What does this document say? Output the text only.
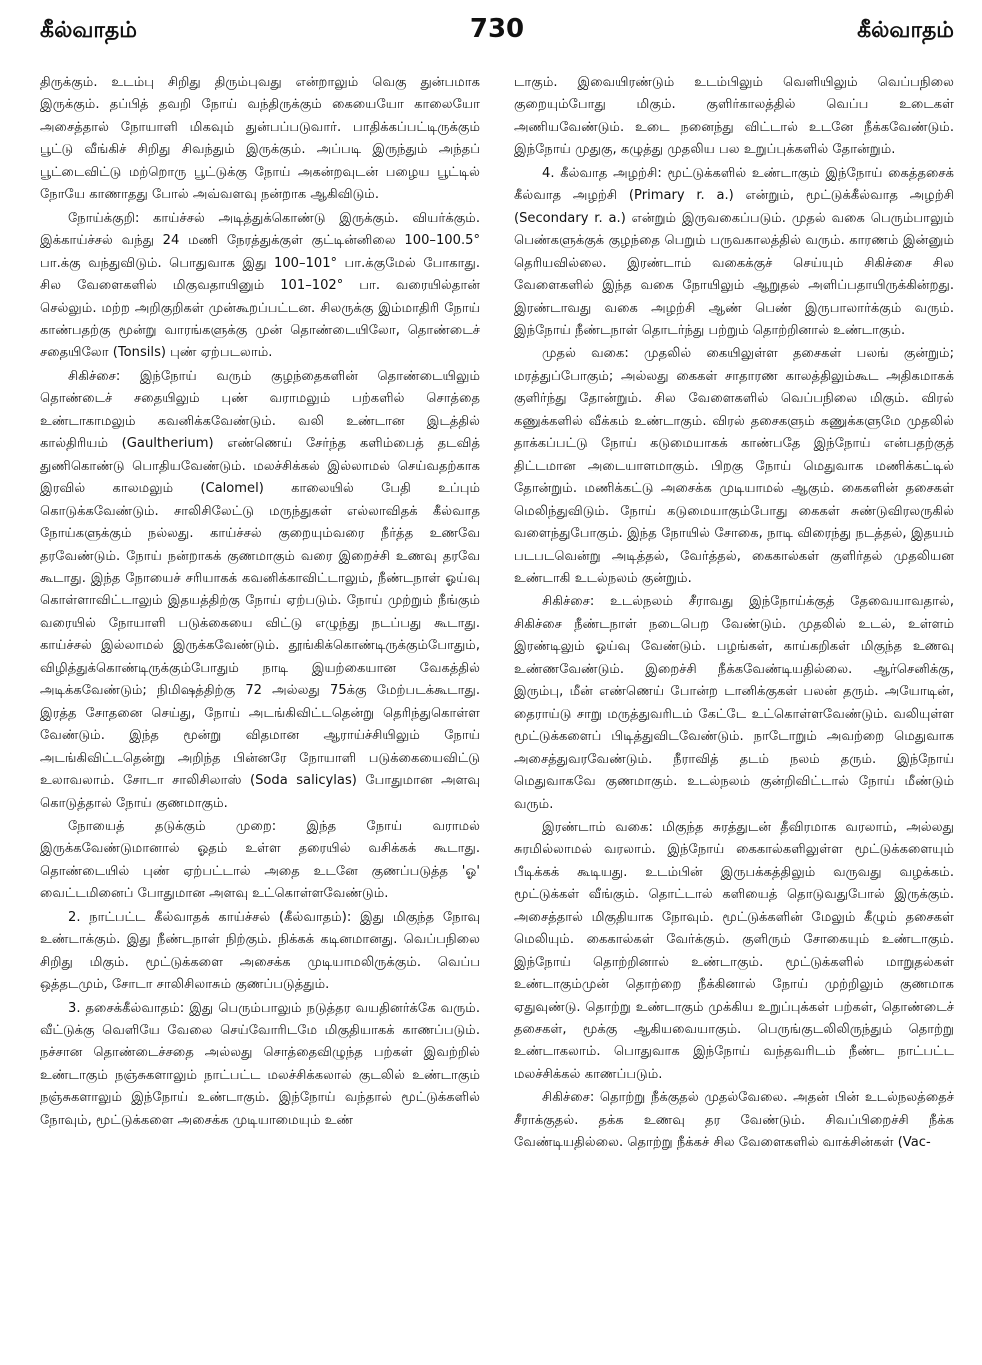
கீல்வாதம்	730	கீல்வாதம்

திருக்கும். உடம்பு சிறிது திரும்புவது என்றாலும் வெகு துன்பமாக இருக்கும். தப்பித் தவறி நோய் வந்திருக்கும் கையையோ காலையோ அசைத்தால் நோயாளி மிகவும் துன்பப்படுவார். பாதிக்கப்பட்டிருக்கும் பூட்டு வீங்கிச் சிறிது சிவந்தும் இருக்கும். அப்படி இருந்தும் அந்தப் பூட்டைவிட்டு மற்றொரு பூட்டுக்கு நோய் அகன்றவுடன் பழைய பூட்டில் நோயே காணாதது போல் அவ்வளவு நன்றாக ஆகிவிடும்.

நோய்க்குறி: காய்ச்சல் அடித்துக்கொண்டு இருக்கும். வியர்க்கும். இக்காய்ச்சல் வந்து 24 மணி நேரத்துக்குள் குட்டின்னிலை 100–100.5° பா.க்கு வந்துவிடும். பொதுவாக இது 100–101° பா.க்குமேல் போகாது. சில வேளைகளில் மிகுவதாயினும் 101–102° பா. வரையில்தான் செல்லும். மற்ற அறிகுறிகள் முன்கூறப்பட்டன. சிலருக்கு இம்மாதிரி நோய் காண்பதற்கு மூன்று வாரங்களுக்கு முன் தொண்டையிலோ, தொண்டைச் சதையிலோ (Tonsils) புண் ஏற்படலாம்.

சிகிச்சை: இந்நோய் வரும் குழந்தைகளின் தொண்டையிலும் தொண்டைச் சதையிலும் புண் வராமலும் பற்களில் சொத்தை உண்டாகாமலும் கவனிக்கவேண்டும். வலி உண்டான இடத்தில் கால்திரியம் (Gaultherium) எண்ணெய் சேர்ந்த களிம்பைத் தடவித் துணிகொண்டு பொதியவேண்டும். மலச்சிக்கல் இல்லாமல் செய்வதற்காக இரவில் காலமலும் (Calomel) காலையில் பேதி உப்பும் கொடுக்கவேண்டும். சாலிசிலேட்டு மருந்துகள் எல்லாவிதக் கீல்வாத நோய்களுக்கும் நல்லது. காய்ச்சல் குறையும்வரை நீர்த்த உணவே தரவேண்டும். நோய் நன்றாகக் குணமாகும் வரை இறைச்சி உணவு தரவே கூடாது. இந்த நோயைச் சரியாகக் கவனிக்காவிட்டாலும், நீண்டநாள் ஓய்வு கொள்ளாவிட்டாலும் இதயத்திற்கு நோய் ஏற்படும். நோய் முற்றும் நீங்கும் வரையில் நோயாளி படுக்கையை விட்டு எழுந்து நடப்பது கூடாது. காய்ச்சல் இல்லாமல் இருக்கவேண்டும். தூங்கிக்கொண்டிருக்கும்போதும், விழித்துக்கொண்டிருக்கும்போதும் நாடி இயற்கையான வேகத்தில் அடிக்கவேண்டும்; நிமிஷத்திற்கு 72 அல்லது 75க்கு மேற்படக்கூடாது. இரத்த சோதனை செய்து, நோய் அடங்கிவிட்டதென்று தெரிந்துகொள்ள வேண்டும். இந்த மூன்று விதமான ஆராய்ச்சியிலும் நோய் அடங்கிவிட்டதென்று அறிந்த பின்னரே நோயாளி படுக்கையைவிட்டு உலாவலாம். சோடா சாலிசிலாஸ் (Soda salicylas) போதுமான அளவு கொடுத்தால் நோய் குணமாகும்.

நோயைத் தடுக்கும் முறை: இந்த நோய் வராமல் இருக்கவேண்டுமானால் ஓதம் உள்ள தரையில் வசிக்கக் கூடாது. தொண்டையில் புண் ஏற்பட்டால் அதை உடனே குணப்படுத்த 'ஓ' வைட்டமினைப் போதுமான அளவு உட்கொள்ளவேண்டும்.

2. நாட்பட்ட கீல்வாதக் காய்ச்சல் (கீல்வாதம்): இது மிகுந்த நோவு உண்டாக்கும். இது நீண்டநாள் நிற்கும். நிக்கக் கடினமானது. வெப்பநிலை சிறிது மிகும். மூட்டுக்களை அசைக்க முடியாமலிருக்கும். வெப்ப ஒத்தடமும், சோடா சாலிசிலாசும் குணப்படுத்தும்.

3. தசைக்கீல்வாதம்: இது பெரும்பாலும் நடுத்தர வயதினர்க்கே வரும். வீட்டுக்கு வெளியே வேலை செய்வோரிடமே மிகுதியாகக் காணப்படும். நச்சான தொண்டைச்சதை அல்லது சொத்தைவிழுந்த பற்கள் இவற்றில் உண்டாகும் நஞ்சுகளாலும் நாட்பட்ட மலச்சிக்கலால் குடலில் உண்டாகும் நஞ்சுகளாலும் இந்நோய் உண்டாகும். இந்நோய் வந்தால் மூட்டுக்களில் நோவும், மூட்டுக்களை அசைக்க முடியாமையும் உண்

டாகும். இவையிரண்டும் உடம்பிலும் வெளியிலும் வெப்பநிலை குறையும்போது மிகும். குளிர்காலத்தில் வெப்ப உடைகள் அணியவேண்டும். உடை நனைந்து விட்டால் உடனே நீக்கவேண்டும். இந்நோய் முதுகு, கழுத்து முதலிய பல உறுப்புக்களில் தோன்றும்.

4. கீல்வாத அழற்சி: மூட்டுக்களில் உண்டாகும் இந்நோய் கைத்தசைக் கீல்வாத அழற்சி (Primary r. a.) என்றும், மூட்டுக்கீல்வாத அழற்சி (Secondary r. a.) என்றும் இருவகைப்படும். முதல் வகை பெரும்பாலும் பெண்களுக்குக் குழந்தை பெறும் பருவகாலத்தில் வரும். காரணம் இன்னும் தெரியவில்லை. இரண்டாம் வகைக்குச் செய்யும் சிகிச்சை சில வேளைகளில் இந்த வகை நோயிலும் ஆறுதல் அளிப்பதாயிருக்கின்றது. இரண்டாவது வகை அழற்சி ஆண் பெண் இருபாலார்க்கும் வரும். இந்நோய் நீண்டநாள் தொடர்ந்து பற்றும் தொற்றினால் உண்டாகும்.

முதல் வகை: முதலில் கையிலுள்ள தசைகள் பலங் குன்றும்; மரத்துப்போகும்; அல்லது கைகள் சாதாரண காலத்திலும்கூட அதிகமாகக் குளிர்ந்து தோன்றும். சில வேளைகளில் வெப்பநிலை மிகும். விரல் கணுக்களில் வீக்கம் உண்டாகும். விரல் தசைகளும் கணுக்களுமே முதலில் தாக்கப்பட்டு நோய் கடுமையாகக் காண்பதே இந்நோய் என்பதற்குத் திட்டமான அடையாளமாகும். பிறகு நோய் மெதுவாக மணிக்கட்டில் தோன்றும். மணிக்கட்டு அசைக்க முடியாமல் ஆகும். கைகளின் தசைகள் மெலிந்துவிடும். நோய் கடுமையாகும்போது கைகள் சுண்டுவிரலருகில் வளைந்துபோகும். இந்த நோயில் சோகை, நாடி விரைந்து நடத்தல், இதயம் படபடவென்று அடித்தல், வேர்த்தல், கைகால்கள் குளிர்தல் முதலியன உண்டாகி உடல்நலம் குன்றும்.

சிகிச்சை: உடல்நலம் சீராவது இந்நோய்க்குத் தேவையாவதால், சிகிச்சை நீண்டநாள் நடைபெற வேண்டும். முதலில் உடல், உள்ளம் இரண்டிலும் ஓய்வு வேண்டும். பழங்கள், காய்கறிகள் மிகுந்த உணவு உண்ணவேண்டும். இறைச்சி நீக்கவேண்டியதில்லை. ஆர்செனிக்கு, இரும்பு, மீன் எண்ணெய் போன்ற டானிக்குகள் பலன் தரும். அயோடின், தைராய்டு சாறு மருத்துவரிடம் கேட்டே உட்கொள்ளவேண்டும். வலியுள்ள மூட்டுக்களைப் பிடித்துவிடவேண்டும். நாடோறும் அவற்றை மெதுவாக அசைத்துவரவேண்டும். நீராவித் தடம் நலம் தரும். இந்நோய் மெதுவாகவே குணமாகும். உடல்நலம் குன்றிவிட்டால் நோய் மீண்டும் வரும்.

இரண்டாம் வகை: மிகுந்த சுரத்துடன் தீவிரமாக வரலாம், அல்லது சுரமில்லாமல் வரலாம். இந்நோய் கைகால்களிலுள்ள மூட்டுக்களையும் பீடிக்கக் கூடியது. உடம்பின் இருபக்கத்திலும் வருவது வழக்கம். மூட்டுக்கள் வீங்கும். தொட்டால் களியைத் தொடுவதுபோல் இருக்கும். அசைத்தால் மிகுதியாக நோவும். மூட்டுக்களின் மேலும் கீழும் தசைகள் மெலியும். கைகால்கள் வேர்க்கும். குளிரும் சோகையும் உண்டாகும். இந்நோய் தொற்றினால் உண்டாகும். மூட்டுக்களில் மாறுதல்கள் உண்டாகும்முன் தொற்றை நீக்கினால் நோய் முற்றிலும் குணமாக ஏதுவுண்டு. தொற்று உண்டாகும் முக்கிய உறுப்புக்கள் பற்கள், தொண்டைச் தசைகள், மூக்கு ஆகியவையாகும். பெருங்குடலிலிருந்தும் தொற்று உண்டாகலாம். பொதுவாக இந்நோய் வந்தவரிடம் நீண்ட நாட்பட்ட மலச்சிக்கல் காணப்படும்.

சிகிச்சை: தொற்று நீக்குதல் முதல்வேலை. அதன் பின் உடல்நலத்தைச் சீராக்குதல். தக்க உணவு தர வேண்டும். சிவப்பிறைச்சி நீக்க வேண்டியதில்லை. தொற்று நீக்கச் சில வேளைகளில் வாக்சின்கள் (Vac-
